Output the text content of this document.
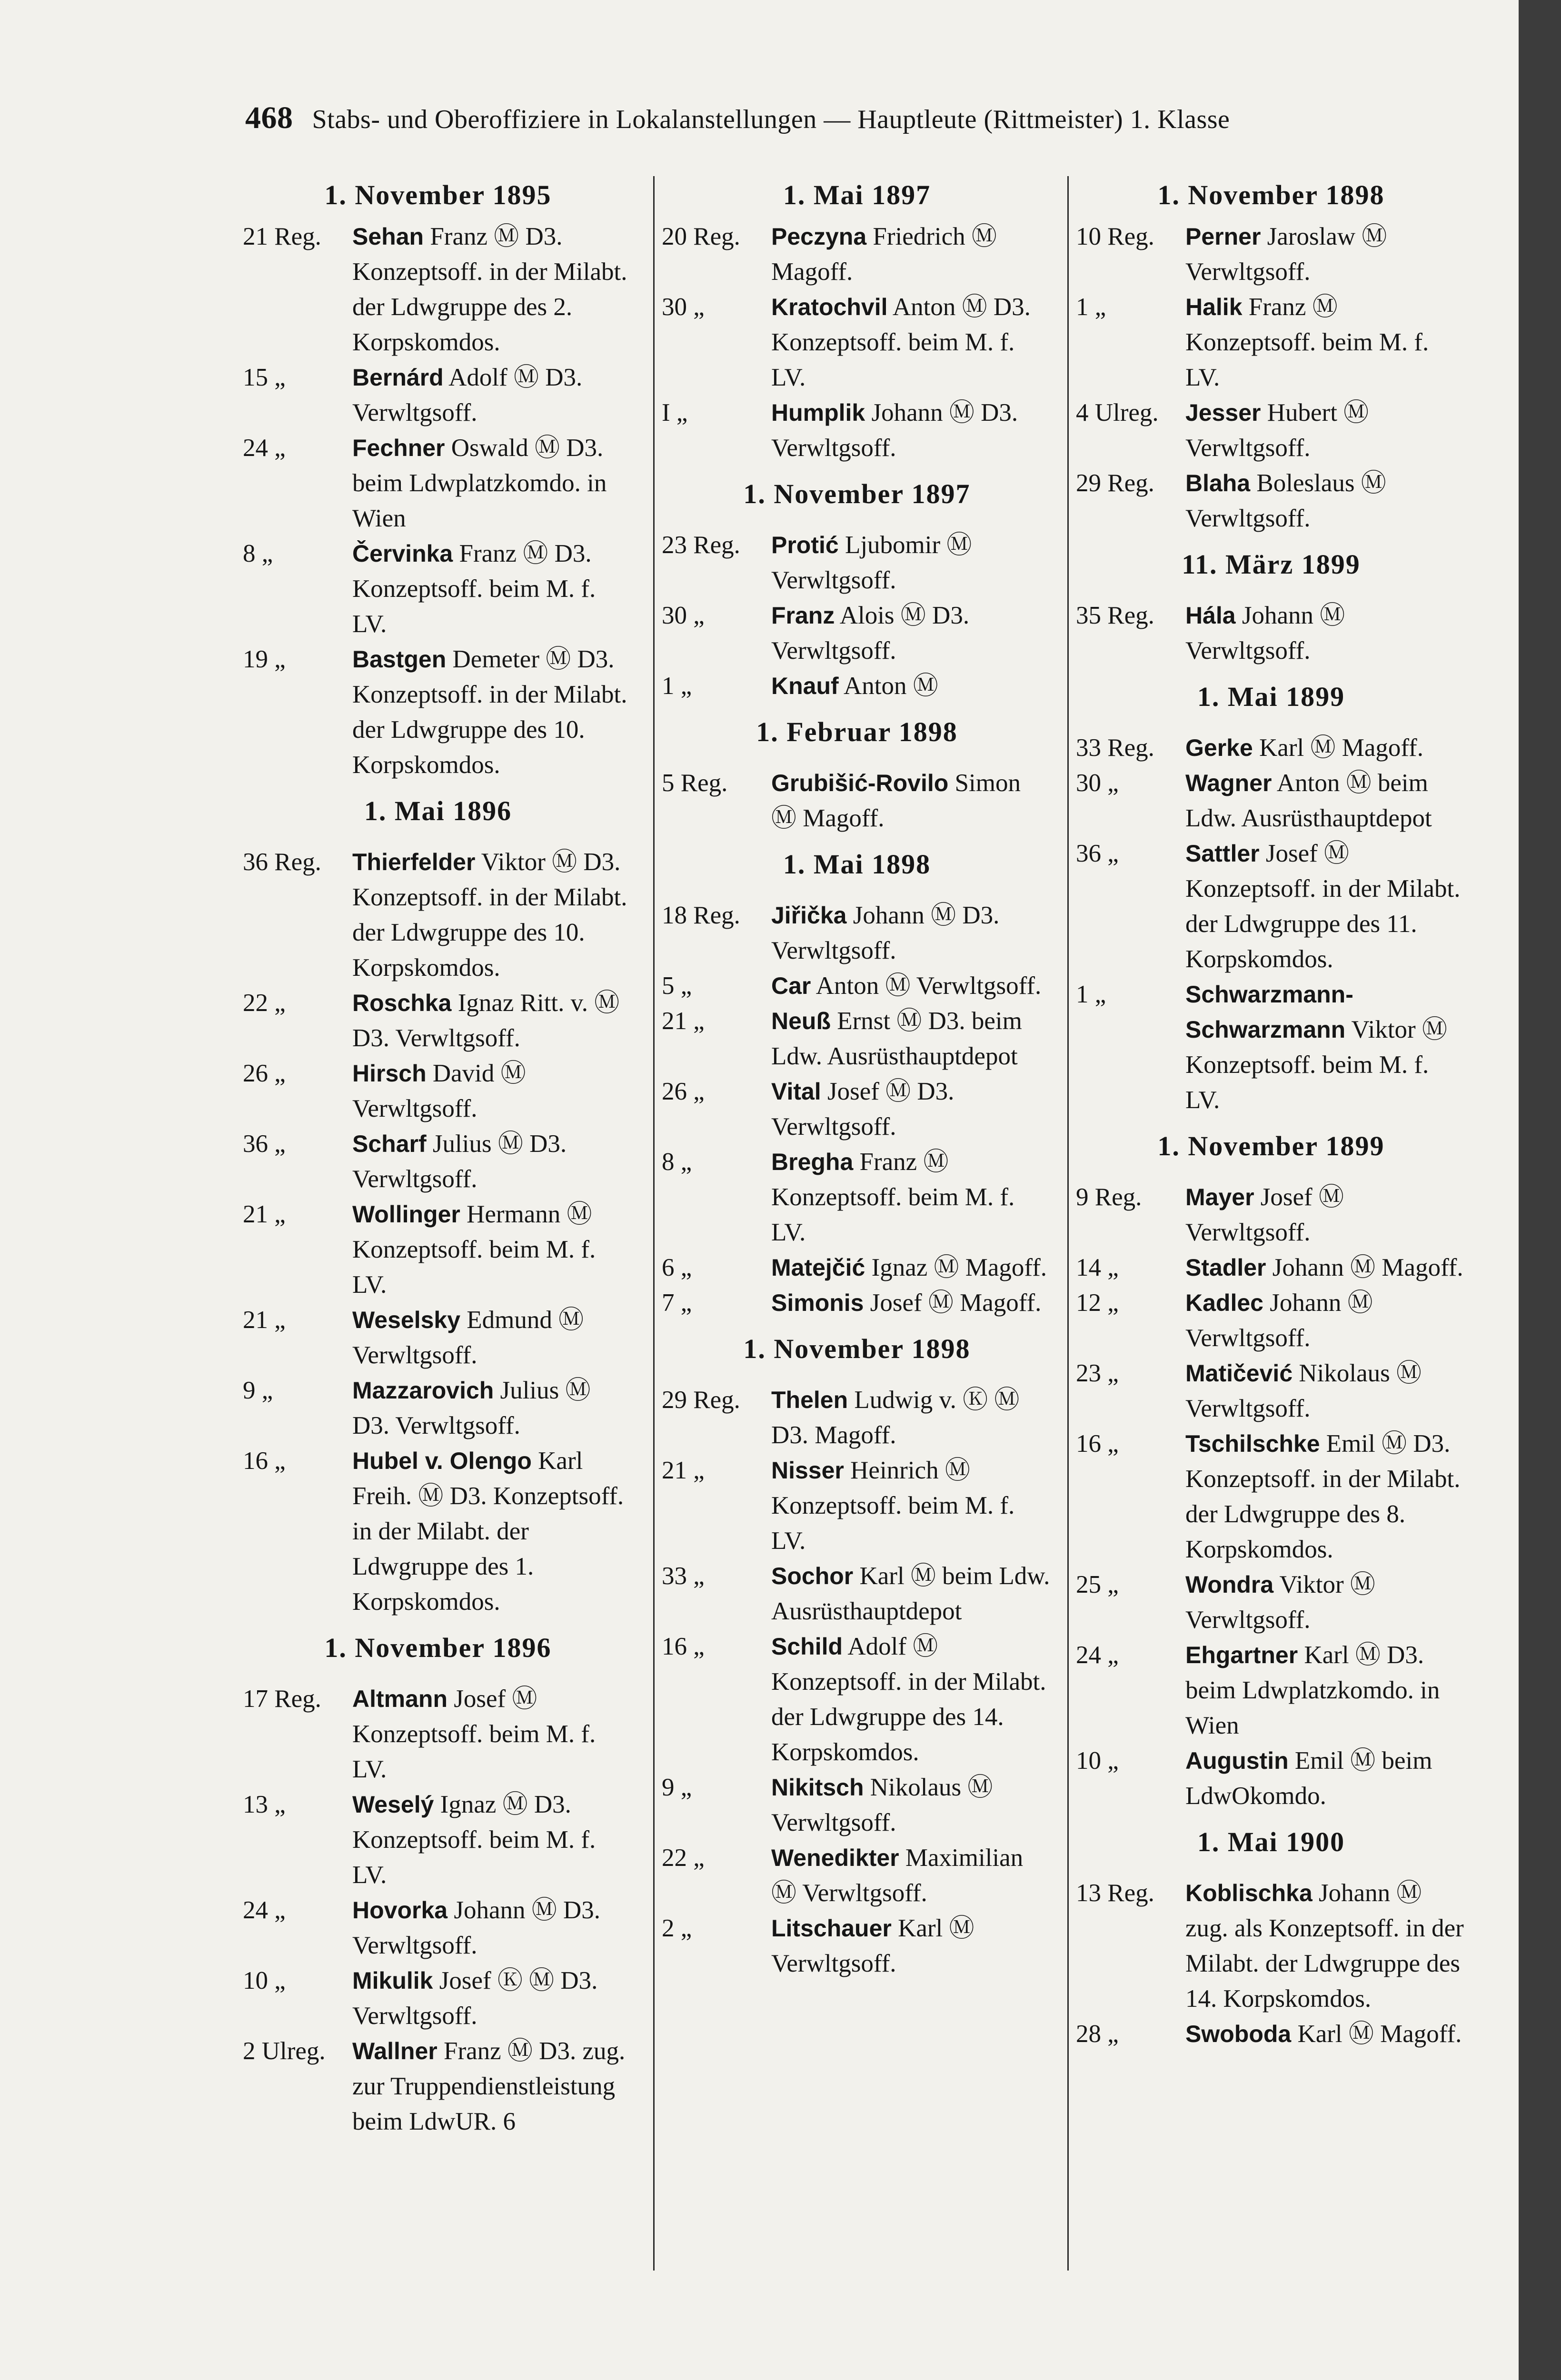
468 Stabs- und Oberoffiziere in Lokalanstellungen — Hauptleute (Rittmeister) 1. Klasse
1. November 1895
21 Reg.	Sehan Franz Ⓜ D3. Konzeptsoff. in der Milabt. der Ldwgruppe des 2. Korpskomdos.
15 „	Bernárd Adolf Ⓜ D3. Verwltgsoff.
24 „	Fechner Oswald Ⓜ D3. beim Ldwplatzkomdo. in Wien
8 „	Červinka Franz Ⓜ D3. Konzeptsoff. beim M. f. LV.
19 „	Bastgen Demeter Ⓜ D3. Konzeptsoff. in der Milabt. der Ldwgruppe des 10. Korpskomdos.
1. Mai 1896
36 Reg.	Thierfelder Viktor Ⓜ D3. Konzeptsoff. in der Milabt. der Ldwgruppe des 10. Korpskomdos.
22 „	Roschka Ignaz Ritt. v. Ⓜ D3. Verwltgsoff.
26 „	Hirsch David Ⓜ Verwltgsoff.
36 „	Scharf Julius Ⓜ D3. Verwltgsoff.
21 „	Wollinger Hermann Ⓜ Konzeptsoff. beim M. f. LV.
21 „	Weselsky Edmund Ⓜ Verwltgsoff.
9 „	Mazzarovich Julius Ⓜ D3. Verwltgsoff.
16 „	Hubel v. Olengo Karl Freih. Ⓜ D3. Konzeptsoff. in der Milabt. der Ldwgruppe des 1. Korpskomdos.
1. November 1896
17 Reg.	Altmann Josef Ⓜ Konzeptsoff. beim M. f. LV.
13 „	Weselý Ignaz Ⓜ D3. Konzeptsoff. beim M. f. LV.
24 „	Hovorka Johann Ⓜ D3. Verwltgsoff.
10 „	Mikulik Josef Ⓚ Ⓜ D3. Verwltgsoff.
2 Ulreg.	Wallner Franz Ⓜ D3. zug. zur Truppendienstleistung beim LdwUR. 6
1. Mai 1897
20 Reg.	Peczyna Friedrich Ⓜ Magoff.
30 „	Kratochvil Anton Ⓜ D3. Konzeptsoff. beim M. f. LV.
I „	Humplik Johann Ⓜ D3. Verwltgsoff.
1. November 1897
23 Reg.	Protić Ljubomir Ⓜ Verwltgsoff.
30 „	Franz Alois Ⓜ D3. Verwltgsoff.
1 „	Knauf Anton Ⓜ
1. Februar 1898
5 Reg.	Grubišić-Rovilo Simon Ⓜ Magoff.
1. Mai 1898
18 Reg.	Jiřička Johann Ⓜ D3. Verwltgsoff.
5 „	Car Anton Ⓜ Verwltgsoff.
21 „	Neuß Ernst Ⓜ D3. beim Ldw. Ausrüsthauptdepot
26 „	Vital Josef Ⓜ D3. Verwltgsoff.
8 „	Bregha Franz Ⓜ Konzeptsoff. beim M. f. LV.
6 „	Matejčić Ignaz Ⓜ Magoff.
7 „	Simonis Josef Ⓜ Magoff.
1. November 1898
29 Reg.	Thelen Ludwig v. Ⓚ Ⓜ D3. Magoff.
21 „	Nisser Heinrich Ⓜ Konzeptsoff. beim M. f. LV.
33 „	Sochor Karl Ⓜ beim Ldw. Ausrüsthauptdepot
16 „	Schild Adolf Ⓜ Konzeptsoff. in der Milabt. der Ldwgruppe des 14. Korpskomdos.
9 „	Nikitsch Nikolaus Ⓜ Verwltgsoff.
22 „	Wenedikter Maximilian Ⓜ Verwltgsoff.
2 „	Litschauer Karl Ⓜ Verwltgsoff.
1. November 1898
10 Reg.	Perner Jaroslaw Ⓜ Verwltgsoff.
1 „	Halik Franz Ⓜ Konzeptsoff. beim M. f. LV.
4 Ulreg.	Jesser Hubert Ⓜ Verwltgsoff.
29 Reg.	Blaha Boleslaus Ⓜ Verwltgsoff.
11. März 1899
35 Reg.	Hála Johann Ⓜ Verwltgsoff.
1. Mai 1899
33 Reg.	Gerke Karl Ⓜ Magoff.
30 „	Wagner Anton Ⓜ beim Ldw. Ausrüsthauptdepot
36 „	Sattler Josef Ⓜ Konzeptsoff. in der Milabt. der Ldwgruppe des 11. Korpskomdos.
1 „	Schwarzmann-Schwarzmann Viktor Ⓜ Konzeptsoff. beim M. f. LV.
1. November 1899
9 Reg.	Mayer Josef Ⓜ Verwltgsoff.
14 „	Stadler Johann Ⓜ Magoff.
12 „	Kadlec Johann Ⓜ Verwltgsoff.
23 „	Matičević Nikolaus Ⓜ Verwltgsoff.
16 „	Tschilschke Emil Ⓜ D3. Konzeptsoff. in der Milabt. der Ldwgruppe des 8. Korpskomdos.
25 „	Wondra Viktor Ⓜ Verwltgsoff.
24 „	Ehgartner Karl Ⓜ D3. beim Ldwplatzkomdo. in Wien
10 „	Augustin Emil Ⓜ beim LdwOkomdo.
1. Mai 1900
13 Reg.	Koblischka Johann Ⓜ zug. als Konzeptsoff. in der Milabt. der Ldwgruppe des 14. Korpskomdos.
28 „	Swoboda Karl Ⓜ Magoff.
